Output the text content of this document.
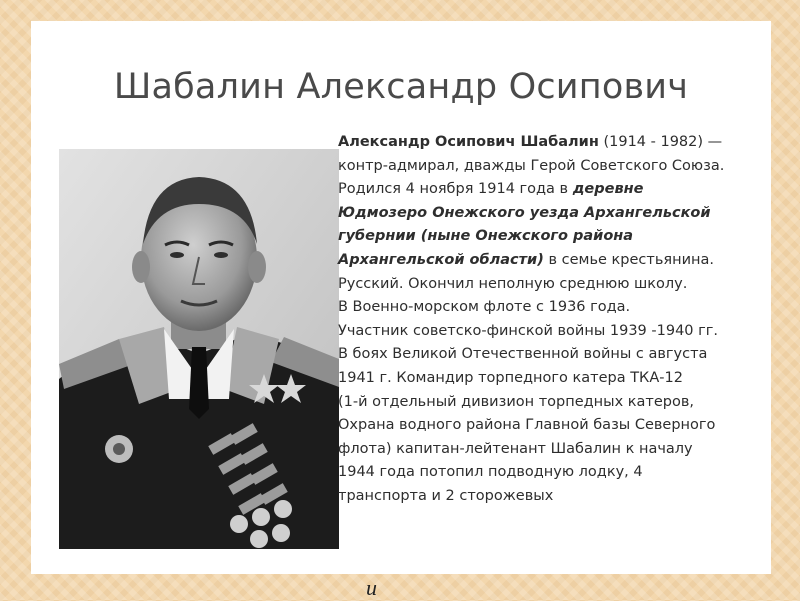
Шабалин Александр Осипович
Александр Осипович Шабалин (1914 - 1982) —
контр-адмирал, дважды Герой Советского Союза.
Родился 4 ноября 1914 года в деревне
Юдмозеро Онежского уезда Архангельской
губернии (ныне Онежского района
Архангельской области) в семье крестьянина.
Русский. Окончил неполную среднюю школу.
В Военно-морском флоте с 1936 года.
Участник советско-финской войны 1939 -1940 гг.
В боях Великой Отечественной войны с августа
1941 г. Командир торпедного катера ТКА-12
(1-й отдельный дивизион торпедных катеров,
Охрана водного района Главной базы Северного
флота) капитан-лейтенант Шабалин к началу
1944 года потопил подводную лодку, 4
транспорта и 2 сторожевых
и
